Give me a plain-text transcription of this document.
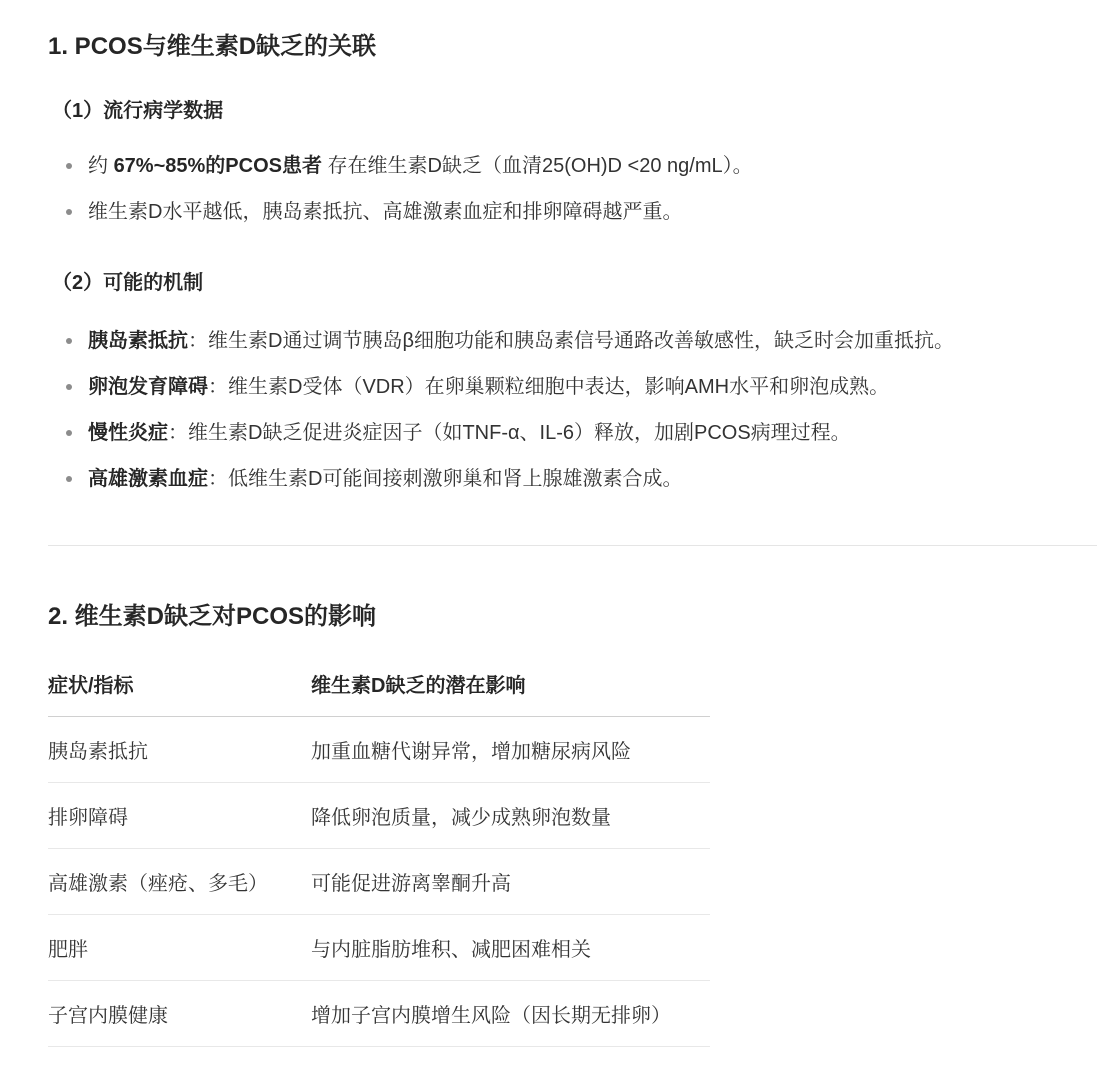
1. PCOS与维生素D缺乏的关联
（1）流行病学数据
约 67%~85%的PCOS患者 存在维生素D缺乏（血清25(OH)D <20 ng/mL）。
维生素D水平越低，胰岛素抵抗、高雄激素血症和排卵障碍越严重。
（2）可能的机制
胰岛素抵抗：维生素D通过调节胰岛β细胞功能和胰岛素信号通路改善敏感性，缺乏时会加重抵抗。
卵泡发育障碍：维生素D受体（VDR）在卵巢颗粒细胞中表达，影响AMH水平和卵泡成熟。
慢性炎症：维生素D缺乏促进炎症因子（如TNF-α、IL-6）释放，加剧PCOS病理过程。
高雄激素血症：低维生素D可能间接刺激卵巢和肾上腺雄激素合成。
2. 维生素D缺乏对PCOS的影响
症状/指标	维生素D缺乏的潜在影响
胰岛素抵抗	加重血糖代谢异常，增加糖尿病风险
排卵障碍	降低卵泡质量，减少成熟卵泡数量
高雄激素（痤疮、多毛）	可能促进游离睾酮升高
肥胖	与内脏脂肪堆积、减肥困难相关
子宫内膜健康	增加子宫内膜增生风险（因长期无排卵）
